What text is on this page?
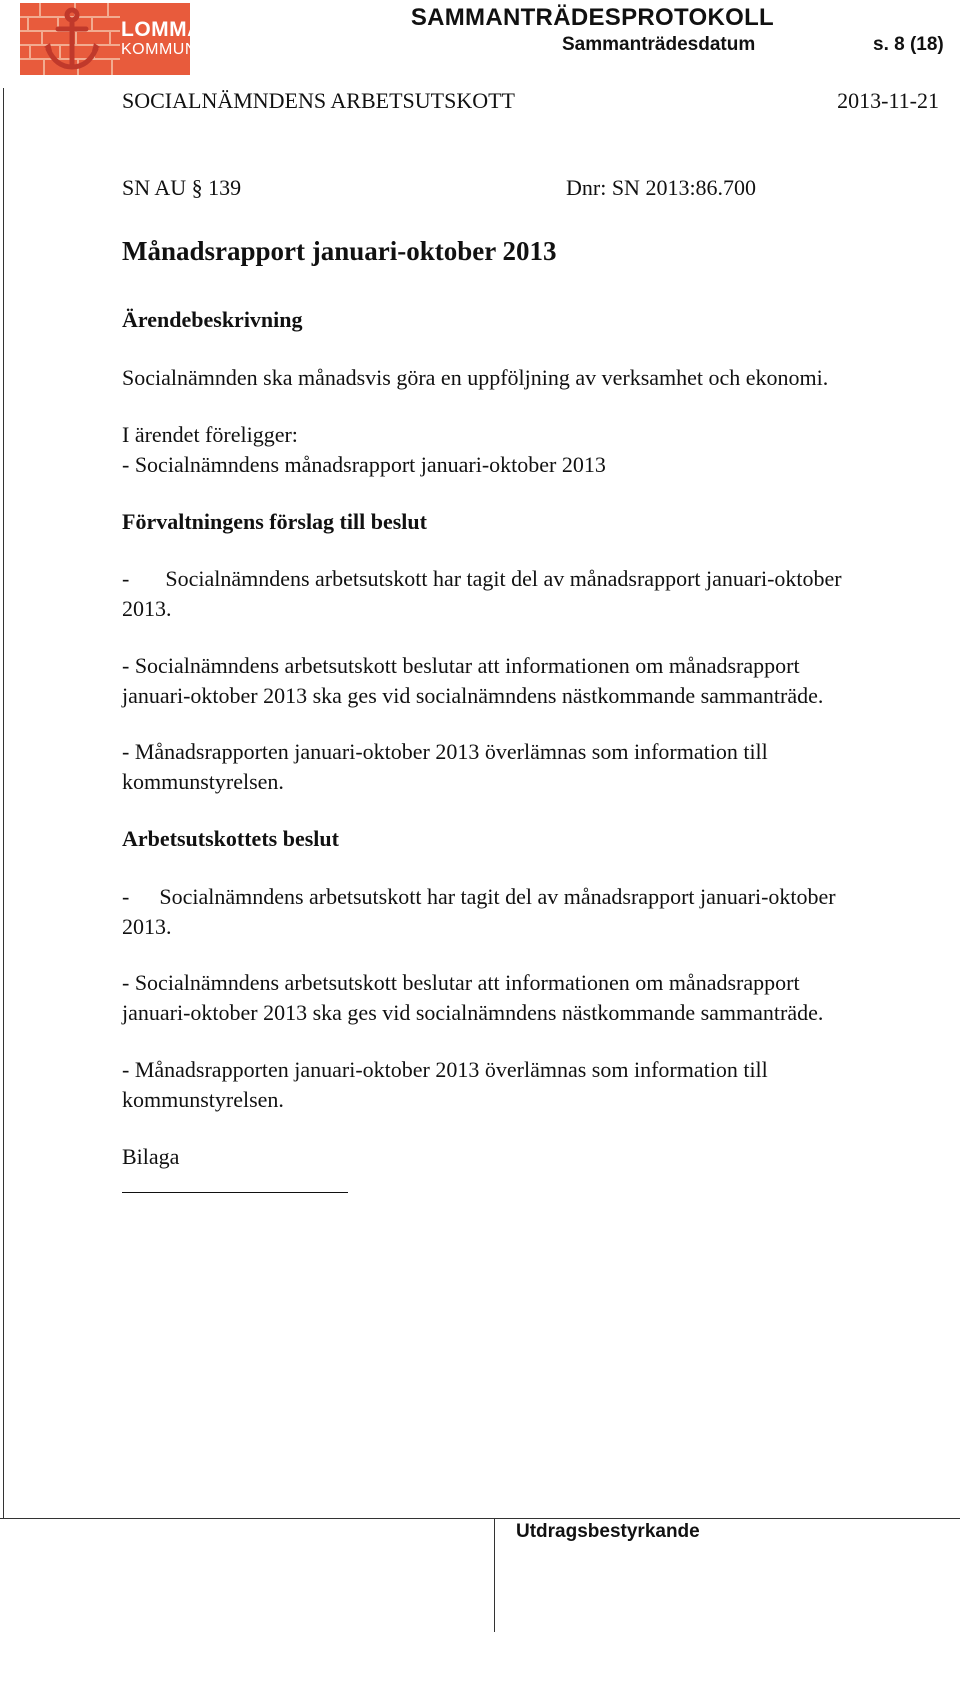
LOMMA
KOMMUN
SAMMANTRÄDESPROTOKOLL
Sammanträdesdatum	s. 8 (18)
SOCIALNÄMNDENS ARBETSUTSKOTT	2013-11-21
SN AU § 139	Dnr: SN 2013:86.700
Månadsrapport januari-oktober 2013
Ärendebeskrivning
Socialnämnden ska månadsvis göra en uppföljning av verksamhet och ekonomi.
I ärendet föreligger:
- Socialnämndens månadsrapport januari-oktober 2013
Förvaltningens förslag till beslut
- Socialnämndens arbetsutskott har tagit del av månadsrapport januari-oktober
2013.
- Socialnämndens arbetsutskott beslutar att informationen om månadsrapport
januari-oktober 2013 ska ges vid socialnämndens nästkommande sammanträde.
- Månadsrapporten januari-oktober 2013 överlämnas som information till
kommunstyrelsen.
Arbetsutskottets beslut
- Socialnämndens arbetsutskott har tagit del av månadsrapport januari-oktober
2013.
- Socialnämndens arbetsutskott beslutar att informationen om månadsrapport
januari-oktober 2013 ska ges vid socialnämndens nästkommande sammanträde.
- Månadsrapporten januari-oktober 2013 överlämnas som information till
kommunstyrelsen.
Bilaga
Utdragsbestyrkande
